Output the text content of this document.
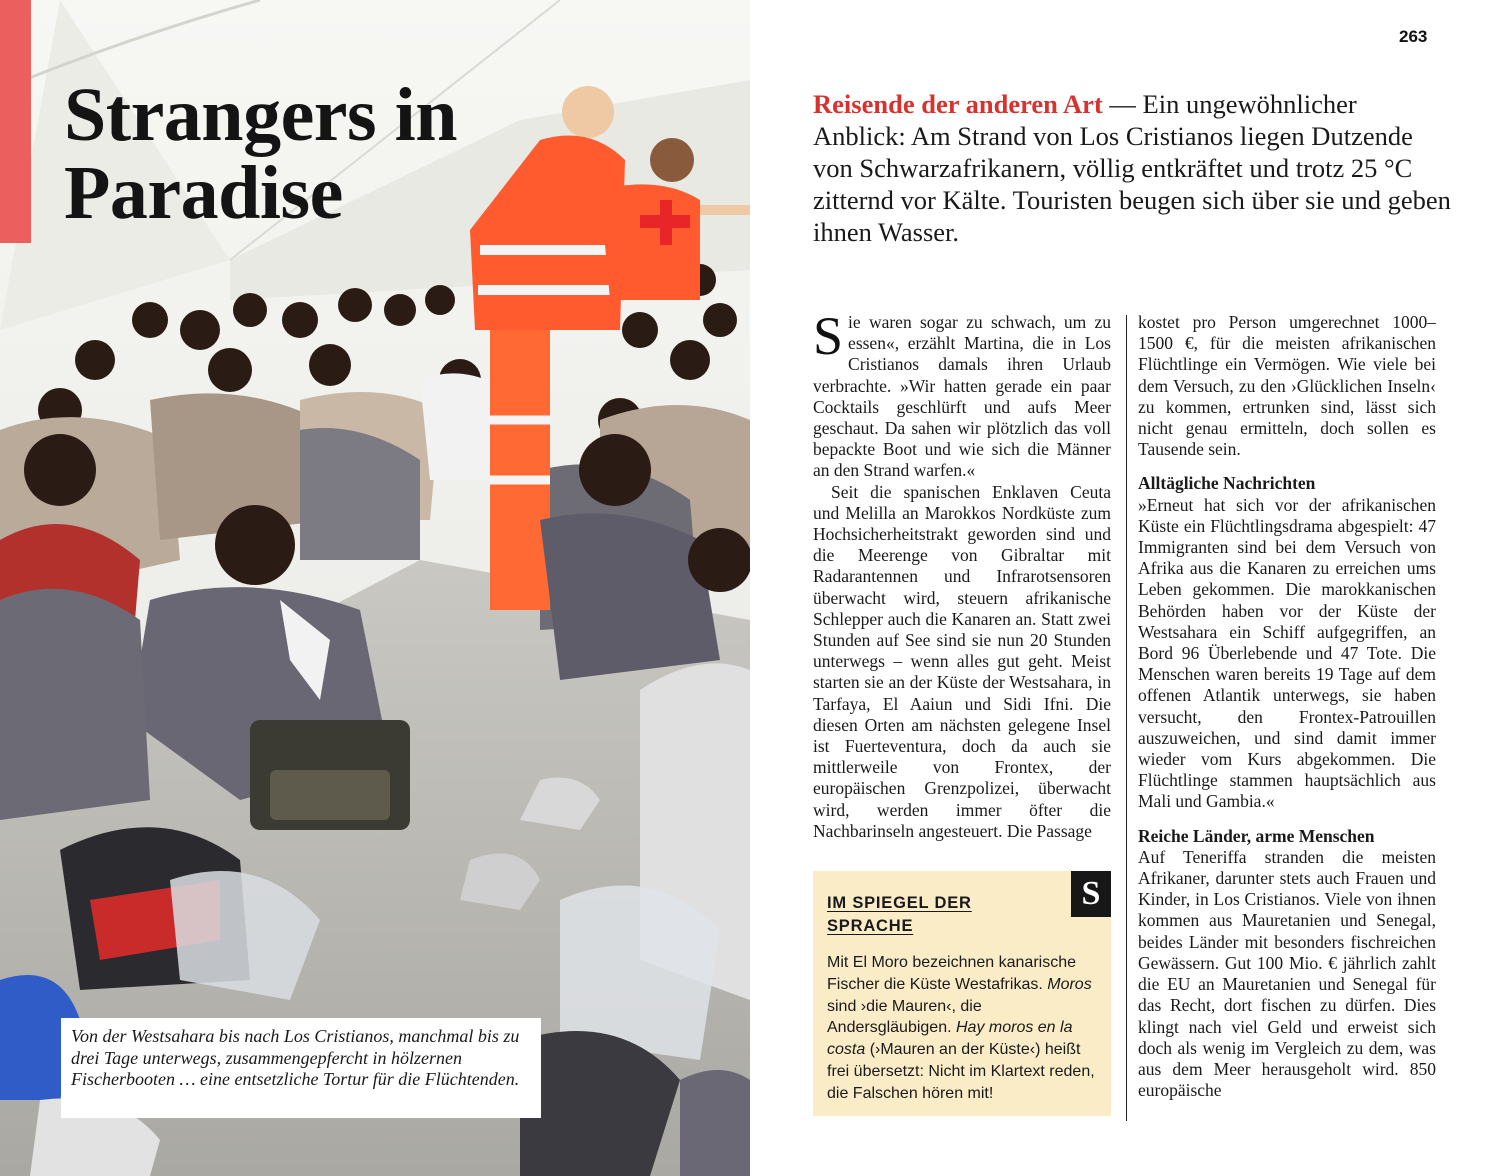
Strangers in
Paradise

Von der Westsahara bis nach Los Cristianos, manchmal bis zu drei Tage unterwegs, zusammengepfercht in hölzernen Fischerbooten … eine entsetzliche Tortur für die Flüchtenden.

263

Reisende der anderen Art — Ein ungewöhnlicher Anblick: Am Strand von Los Cristianos liegen Dutzende von Schwarzafrikanern, völlig entkräftet und trotz 25 °C zitternd vor Kälte. Touristen beugen sich über sie und geben ihnen Wasser.

Sie waren sogar zu schwach, um zu essen«, erzählt Martina, die in Los Cristianos damals ihren Urlaub verbrachte. »Wir hatten gerade ein paar Cocktails geschlürft und aufs Meer geschaut. Da sahen wir plötzlich das voll bepackte Boot und wie sich die Männer an den Strand warfen.«

Seit die spanischen Enklaven Ceuta und Melilla an Marokkos Nordküste zum Hochsicherheitstrakt geworden sind und die Meerenge von Gibraltar mit Radarantennen und Infrarotsensoren überwacht wird, steuern afrikanische Schlepper auch die Kanaren an. Statt zwei Stunden auf See sind sie nun 20 Stunden unterwegs – wenn alles gut geht. Meist starten sie an der Küste der Westsahara, in Tarfaya, El Aaiun und Sidi Ifni. Die diesen Orten am nächsten gelegene Insel ist Fuerteventura, doch da auch sie mittlerweile von Frontex, der europäischen Grenzpolizei, überwacht wird, werden immer öfter die Nachbarinseln angesteuert. Die Passage

kostet pro Person umgerechnet 1000–1500 €, für die meisten afrikanischen Flüchtlinge ein Vermögen. Wie viele bei dem Versuch, zu den ›Glücklichen Inseln‹ zu kommen, ertrunken sind, lässt sich nicht genau ermitteln, doch sollen es Tausende sein.

Alltägliche Nachrichten

»Erneut hat sich vor der afrikanischen Küste ein Flüchtlingsdrama abgespielt: 47 Immigranten sind bei dem Versuch von Afrika aus die Kanaren zu erreichen ums Leben gekommen. Die marokkanischen Behörden haben vor der Küste der Westsahara ein Schiff aufgegriffen, an Bord 96 Überlebende und 47 Tote. Die Menschen waren bereits 19 Tage auf dem offenen Atlantik unterwegs, sie haben versucht, den Frontex-Patrouillen auszuweichen, und sind damit immer wieder vom Kurs abgekommen. Die Flüchtlinge stammen hauptsächlich aus Mali und Gambia.«

Reiche Länder, arme Menschen

Auf Teneriffa stranden die meisten Afrikaner, darunter stets auch Frauen und Kinder, in Los Cristianos. Viele von ihnen kommen aus Mauretanien und Senegal, beides Länder mit besonders fischreichen Gewässern. Gut 100 Mio. € jährlich zahlt die EU an Mauretanien und Senegal für das Recht, dort fischen zu dürfen. Dies klingt nach viel Geld und erweist sich doch als wenig im Vergleich zu dem, was aus dem Meer herausgeholt wird. 850 europäische

S

IM SPIEGEL DER
SPRACHE

Mit El Moro bezeichnen kanarische Fischer die Küste Westafrikas. Moros sind ›die Mauren‹, die Andersgläubigen. Hay moros en la costa (›Mauren an der Küste‹) heißt frei übersetzt: Nicht im Klartext reden, die Falschen hören mit!
